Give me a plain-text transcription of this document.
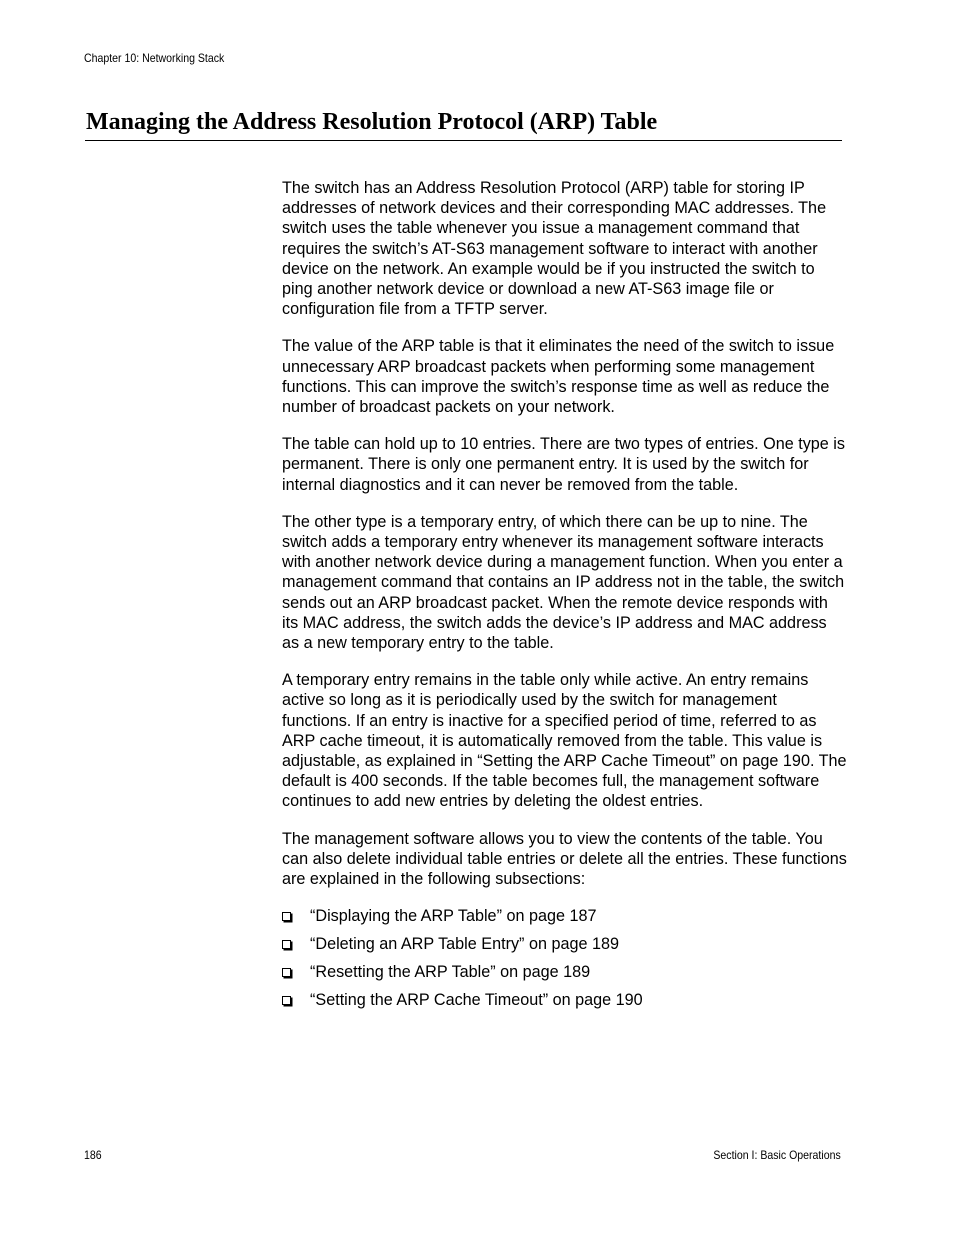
Chapter 10: Networking Stack
Managing the Address Resolution Protocol (ARP) Table

The switch has an Address Resolution Protocol (ARP) table for storing IP addresses of network devices and their corresponding MAC addresses. The switch uses the table whenever you issue a management command that requires the switch’s AT-S63 management software to interact with another device on the network. An example would be if you instructed the switch to ping another network device or download a new AT-S63 image file or configuration file from a TFTP server.

The value of the ARP table is that it eliminates the need of the switch to issue unnecessary ARP broadcast packets when performing some management functions. This can improve the switch’s response time as well as reduce the number of broadcast packets on your network.

The table can hold up to 10 entries. There are two types of entries. One type is permanent. There is only one permanent entry. It is used by the switch for internal diagnostics and it can never be removed from the table.

The other type is a temporary entry, of which there can be up to nine. The switch adds a temporary entry whenever its management software interacts with another network device during a management function. When you enter a management command that contains an IP address not in the table, the switch sends out an ARP broadcast packet. When the remote device responds with its MAC address, the switch adds the device’s IP address and MAC address as a new temporary entry to the table.

A temporary entry remains in the table only while active. An entry remains active so long as it is periodically used by the switch for management functions. If an entry is inactive for a specified period of time, referred to as ARP cache timeout, it is automatically removed from the table. This value is adjustable, as explained in “Setting the ARP Cache Timeout” on page 190. The default is 400 seconds. If the table becomes full, the management software continues to add new entries by deleting the oldest entries.

The management software allows you to view the contents of the table. You can also delete individual table entries or delete all the entries. These functions are explained in the following subsections:

“Displaying the ARP Table” on page 187
“Deleting an ARP Table Entry” on page 189
“Resetting the ARP Table” on page 189
“Setting the ARP Cache Timeout” on page 190
186	Section I: Basic Operations
